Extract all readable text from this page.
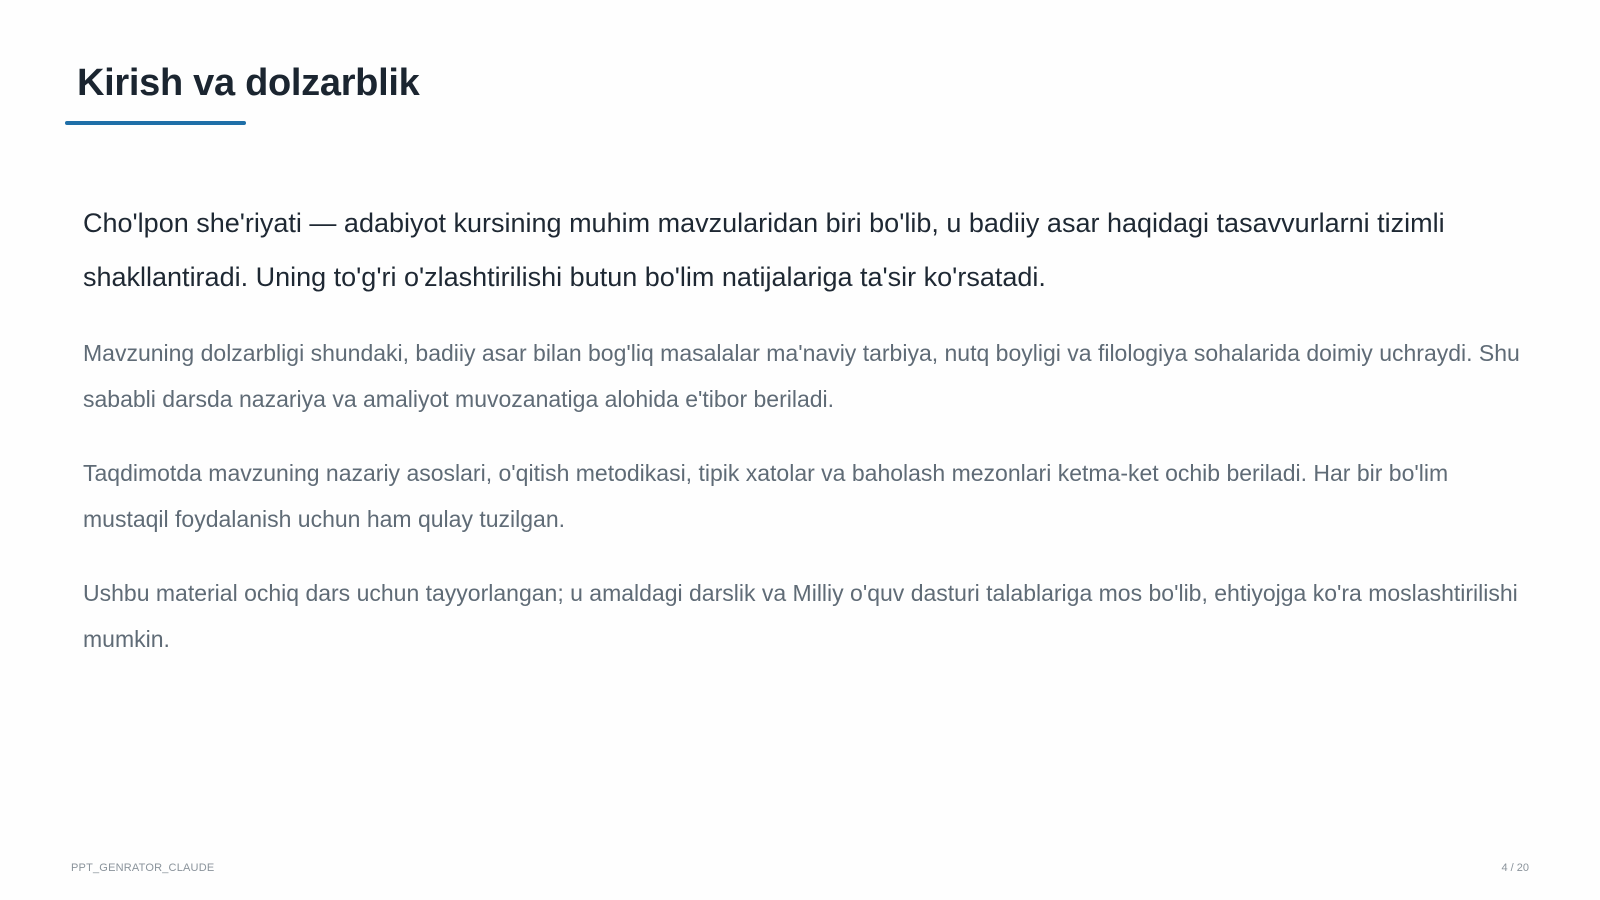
Kirish va dolzarblik

Cho'lpon she'riyati — adabiyot kursining muhim mavzularidan biri bo'lib, u badiiy asar haqidagi tasavvurlarni tizimli shakllantiradi. Uning to'g'ri o'zlashtirilishi butun bo'lim natijalariga ta'sir ko'rsatadi.

Mavzuning dolzarbligi shundaki, badiiy asar bilan bog'liq masalalar ma'naviy tarbiya, nutq boyligi va filologiya sohalarida doimiy uchraydi. Shu sababli darsda nazariya va amaliyot muvozanatiga alohida e'tibor beriladi.

Taqdimotda mavzuning nazariy asoslari, o'qitish metodikasi, tipik xatolar va baholash mezonlari ketma-ket ochib beriladi. Har bir bo'lim mustaqil foydalanish uchun ham qulay tuzilgan.

Ushbu material ochiq dars uchun tayyorlangan; u amaldagi darslik va Milliy o'quv dasturi talablariga mos bo'lib, ehtiyojga ko'ra moslashtirilishi mumkin.

PPT_GENRATOR_CLAUDE	4 / 20
